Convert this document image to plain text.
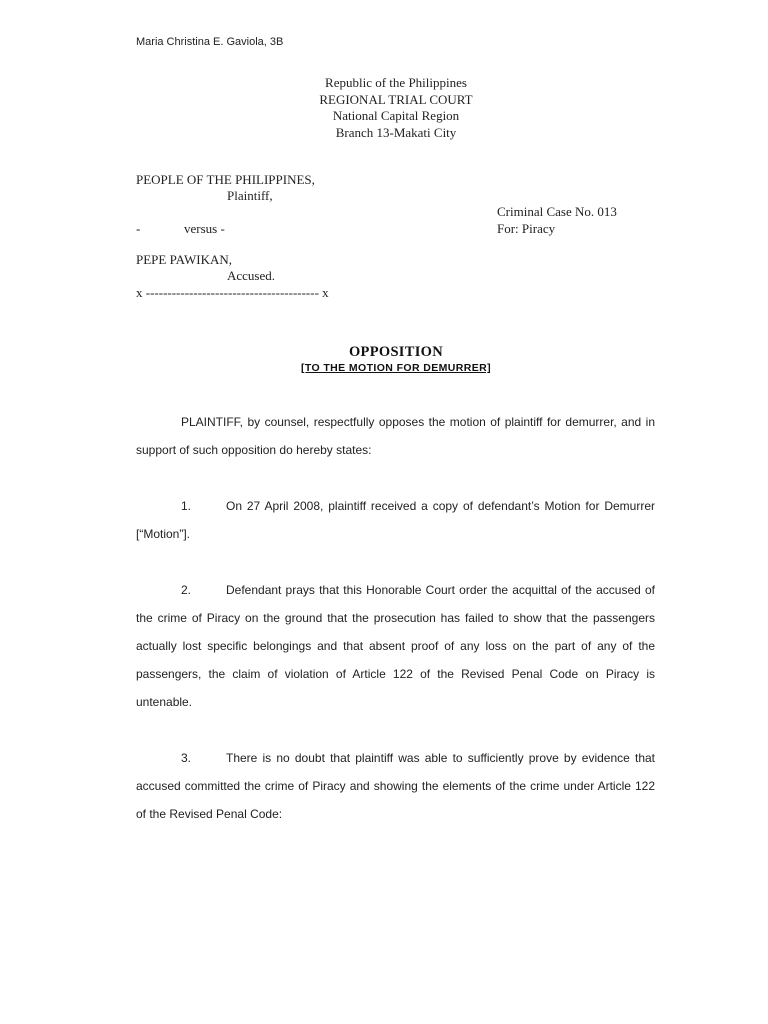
Maria Christina E. Gaviola, 3B
Republic of the Philippines
REGIONAL TRIAL COURT
National Capital Region
Branch 13-Makati City
PEOPLE OF THE PHILIPPINES,
Plaintiff,
Criminal Case No. 013
-	versus -	For: Piracy
PEPE PAWIKAN,
Accused.
x ---------------------------------------- x
OPPOSITION
[TO THE MOTION FOR DEMURRER]

PLAINTIFF, by counsel, respectfully opposes the motion of plaintiff for demurrer, and in support of such opposition do hereby states:

1.	On 27 April 2008, plaintiff received a copy of defendant’s Motion for Demurrer [“Motion”].

2.	Defendant prays that this Honorable Court order the acquittal of the accused of the crime of Piracy on the ground that the prosecution has failed to show that the passengers actually lost specific belongings and that absent proof of any loss on the part of any of the passengers, the claim of violation of Article 122 of the Revised Penal Code on Piracy is untenable.

3.	There is no doubt that plaintiff was able to sufficiently prove by evidence that accused committed the crime of Piracy and showing the elements of the crime under Article 122 of the Revised Penal Code:
